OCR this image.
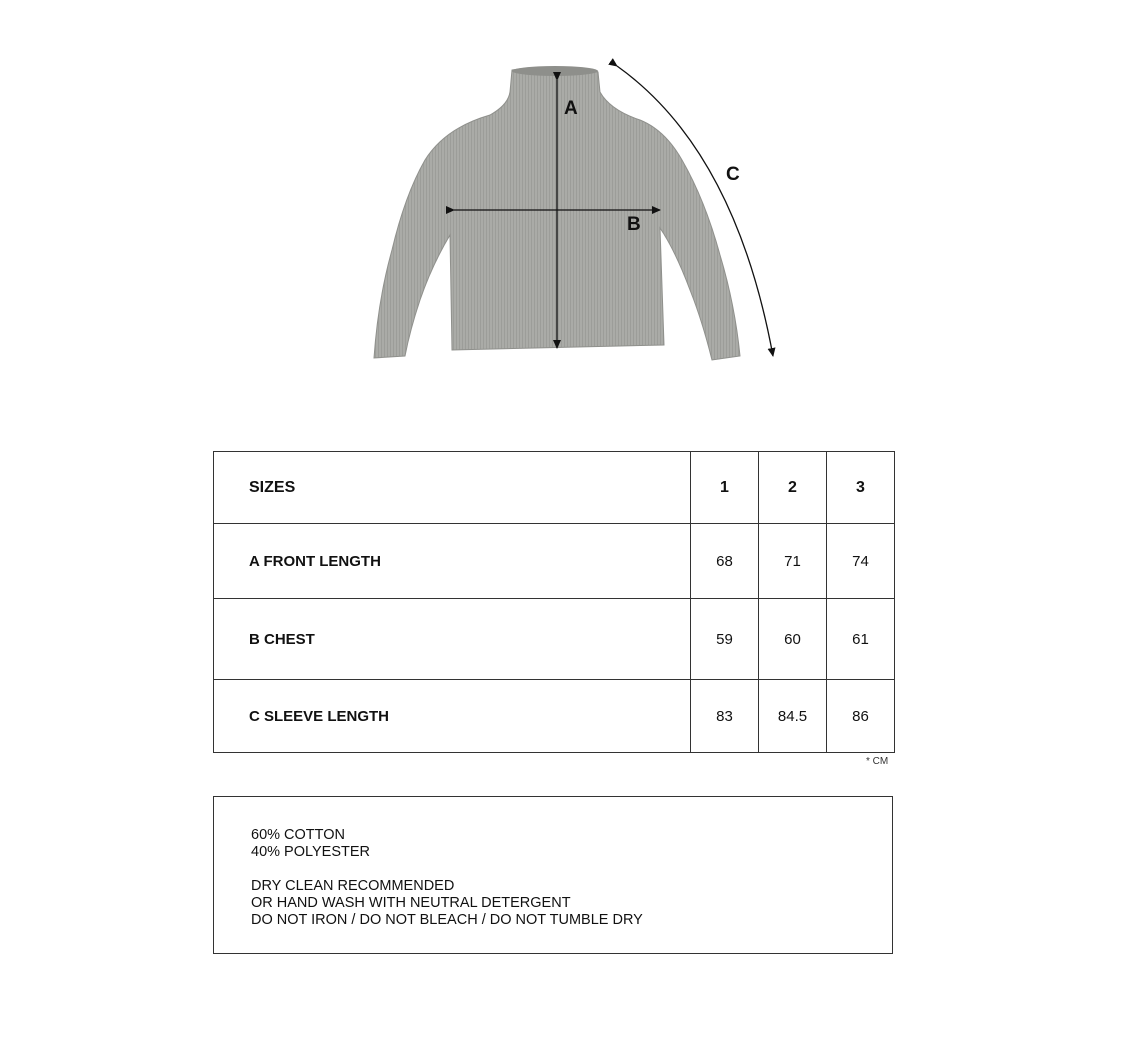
A
B
C
SIZES	1	2	3
A FRONT LENGTH	68	71	74
B CHEST	59	60	61
C SLEEVE LENGTH	83	84.5	86
* CM
60% COTTON
40% POLYESTER
DRY CLEAN RECOMMENDED
OR HAND WASH WITH NEUTRAL DETERGENT
DO NOT IRON / DO NOT BLEACH / DO NOT TUMBLE DRY
